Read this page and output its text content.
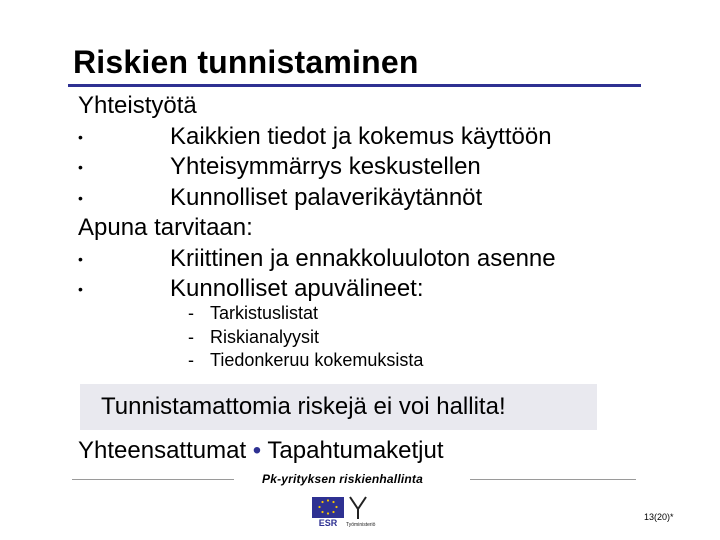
Riskien tunnistaminen
Yhteistyötä
•	Kaikkien tiedot ja kokemus käyttöön
•	Yhteisymmärrys keskustellen
•	Kunnolliset palaverikäytännöt
Apuna tarvitaan:
•	Kriittinen ja ennakkoluuloton asenne
•	Kunnolliset apuvälineet:
- Tarkistuslistat
- Riskianalyysit
- Tiedonkeruu kokemuksista
Tunnistamattomia riskejä ei voi hallita!
Yhteensattumat • Tapahtumaketjut
Pk-yrityksen riskienhallinta
ESR Työministeriö
13(20)*
